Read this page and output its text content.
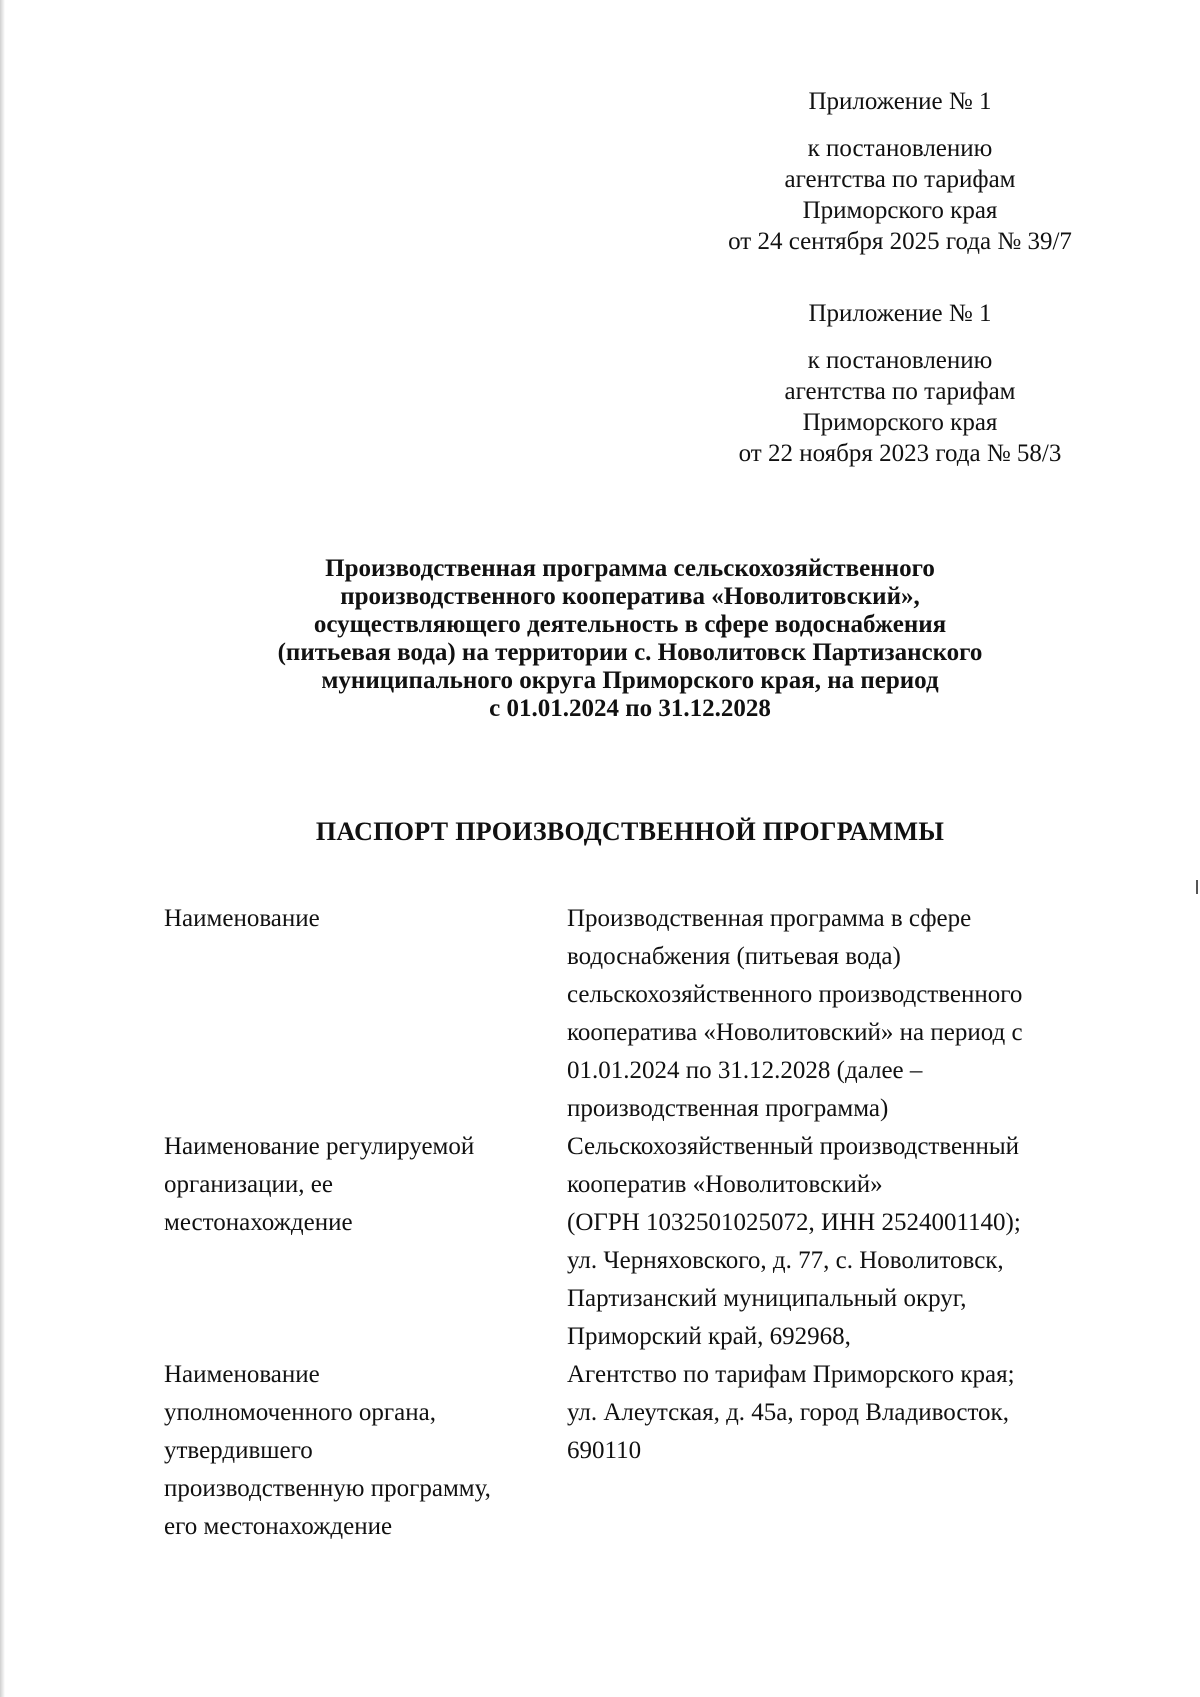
Приложение № 1
к постановлению
агентства по тарифам
Приморского края
от 24 сентября 2025 года № 39/7
Приложение № 1
к постановлению
агентства по тарифам
Приморского края
от 22 ноября 2023 года № 58/3
Производственная программа сельскохозяйственного
производственного кооператива «Новолитовский»,
осуществляющего деятельность в сфере водоснабжения
(питьевая вода) на территории с. Новолитовск Партизанского
муниципального округа Приморского края, на период
с 01.01.2024 по 31.12.2028
ПАСПОРТ ПРОИЗВОДСТВЕННОЙ ПРОГРАММЫ
Наименование	Производственная программа в сфере
водоснабжения (питьевая вода)
сельскохозяйственного производственного
кооператива «Новолитовский» на период с
01.01.2024 по 31.12.2028 (далее –
производственная программа)
Наименование регулируемой
организации, ее
местонахождение
Сельскохозяйственный производственный
кооператив «Новолитовский»
(ОГРН 1032501025072, ИНН 2524001140);
ул. Черняховского, д. 77, с. Новолитовск,
Партизанский муниципальный округ,
Приморский край, 692968,
Наименование
уполномоченного органа,
утвердившего
производственную программу,
его местонахождение
Агентство по тарифам Приморского края;
ул. Алеутская, д. 45а, город Владивосток,
690110
